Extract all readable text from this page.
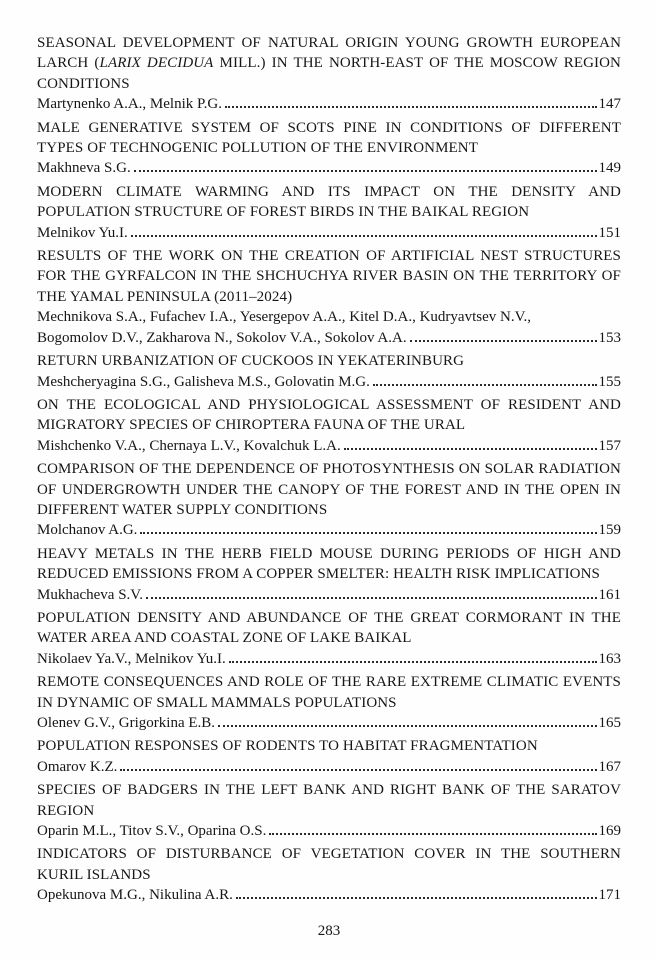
SEASONAL DEVELOPMENT OF NATURAL ORIGIN YOUNG GROWTH EUROPEAN LARCH (LARIX DECIDUA MILL.) IN THE NORTH-EAST OF THE MOSCOW REGION CONDITIONS
Martynenko A.A., Melnik P.G.	147
MALE GENERATIVE SYSTEM OF SCOTS PINE IN CONDITIONS OF DIFFERENT TYPES OF TECHNOGENIC POLLUTION OF THE ENVIRONMENT
Makhneva S.G.	149
MODERN CLIMATE WARMING AND ITS IMPACT ON THE DENSITY AND POPULATION STRUCTURE OF FOREST BIRDS IN THE BAIKAL REGION
Melnikov Yu.I.	151
RESULTS OF THE WORK ON THE CREATION OF ARTIFICIAL NEST STRUCTURES FOR THE GYRFALCON IN THE SHCHUCHYA RIVER BASIN ON THE TERRITORY OF THE YAMAL PENINSULA (2011–2024)
Mechnikova S.A., Fufachev I.A., Yesergepov A.A., Kitel D.A., Kudryavtsev N.V.,
Bogomolov D.V., Zakharova N., Sokolov V.A., Sokolov A.A.	153
RETURN URBANIZATION OF CUCKOOS IN YEKATERINBURG
Meshcheryagina S.G., Galisheva M.S., Golovatin M.G.	155
ON THE ECOLOGICAL AND PHYSIOLOGICAL ASSESSMENT OF RESIDENT AND MIGRATORY SPECIES OF CHIROPTERA FAUNA OF THE URAL
Mishchenko V.A., Chernaya L.V., Kovalchuk L.A.	157
COMPARISON OF THE DEPENDENCE OF PHOTOSYNTHESIS ON SOLAR RADIATION OF UNDERGROWTH UNDER THE CANOPY OF THE FOREST AND IN THE OPEN IN DIFFERENT WATER SUPPLY CONDITIONS
Molchanov A.G.	159
HEAVY METALS IN THE HERB FIELD MOUSE DURING PERIODS OF HIGH AND REDUCED EMISSIONS FROM A COPPER SMELTER: HEALTH RISK IMPLICATIONS
Mukhacheva S.V.	161
POPULATION DENSITY AND ABUNDANCE OF THE GREAT CORMORANT IN THE WATER AREA AND COASTAL ZONE OF LAKE BAIKAL
Nikolaev Ya.V., Melnikov Yu.I.	163
REMOTE CONSEQUENCES AND ROLE OF THE RARE EXTREME CLIMATIC EVENTS IN DYNAMIC OF SMALL MAMMALS POPULATIONS
Olenev G.V., Grigorkina E.B.	165
POPULATION RESPONSES OF RODENTS TO HABITAT FRAGMENTATION
Omarov K.Z.	167
SPECIES OF BADGERS IN THE LEFT BANK AND RIGHT BANK OF THE SARATOV REGION
Oparin M.L., Titov S.V., Oparina O.S.	169
INDICATORS OF DISTURBANCE OF VEGETATION COVER IN THE SOUTHERN KURIL ISLANDS
Opekunova M.G., Nikulina A.R.	171
283
